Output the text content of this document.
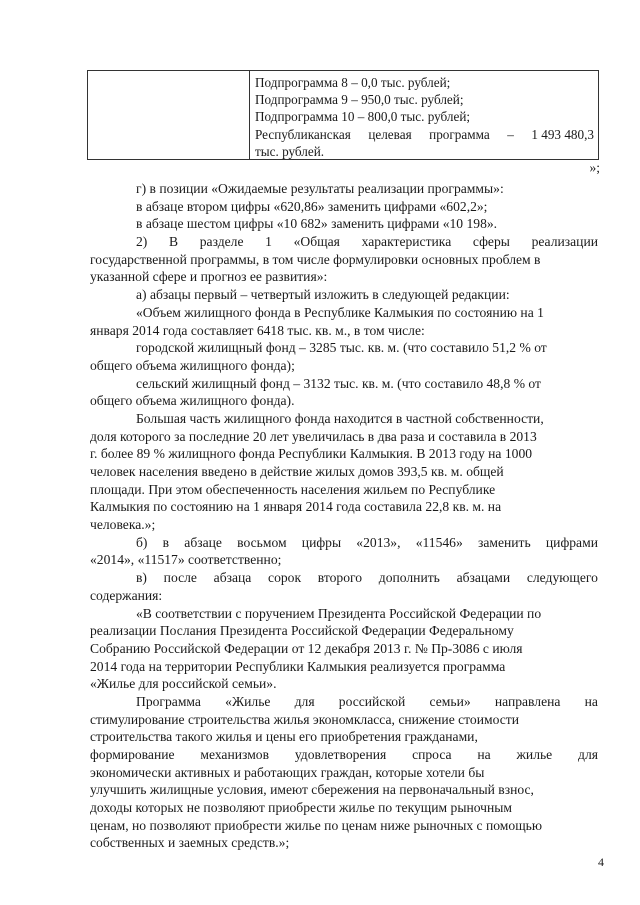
Подпрограмма 8 – 0,0 тыс. рублей;
Подпрограмма 9 – 950,0 тыс. рублей;
Подпрограмма 10 – 800,0 тыс. рублей;
Республиканская целевая программа – 1 493 480,3
тыс. рублей.
»;
г) в позиции «Ожидаемые результаты реализации программы»:
в абзаце втором цифры «620,86» заменить цифрами «602,2»;
в абзаце шестом цифры «10 682» заменить цифрами «10 198».
2) В разделе 1 «Общая характеристика сферы реализации
государственной программы, в том числе формулировки основных проблем в
указанной сфере и прогноз ее развития»:
а) абзацы первый – четвертый изложить в следующей редакции:
«Объем жилищного фонда в Республике Калмыкия по состоянию на 1
января 2014 года составляет 6418 тыс. кв. м., в том числе:
городской жилищный фонд – 3285 тыс. кв. м. (что составило 51,2 % от
общего объема жилищного фонда);
сельский жилищный фонд – 3132 тыс. кв. м. (что составило 48,8 % от
общего объема жилищного фонда).
Большая часть жилищного фонда находится в частной собственности,
доля которого за последние 20 лет увеличилась в два раза и составила в 2013
г. более 89 % жилищного фонда Республики Калмыкия. В 2013 году на 1000
человек населения введено в действие жилых домов 393,5 кв. м. общей
площади. При этом обеспеченность населения жильем по Республике
Калмыкия по состоянию на 1 января 2014 года составила 22,8 кв. м. на
человека.»;
б) в абзаце восьмом цифры «2013», «11546» заменить цифрами
«2014», «11517» соответственно;
в) после абзаца сорок второго дополнить абзацами следующего
содержания:
«В соответствии с поручением Президента Российской Федерации по
реализации Послания Президента Российской Федерации Федеральному
Собранию Российской Федерации от 12 декабря 2013 г. № Пр-3086 с июля
2014 года на территории Республики Калмыкия реализуется программа
«Жилье для российской семьи».
Программа «Жилье для российской семьи» направлена на
стимулирование строительства жилья экономкласса, снижение стоимости
строительства такого жилья и цены его приобретения гражданами,
формирование механизмов удовлетворения спроса на жилье для
экономически активных и работающих граждан, которые хотели бы
улучшить жилищные условия, имеют сбережения на первоначальный взнос,
доходы которых не позволяют приобрести жилье по текущим рыночным
ценам, но позволяют приобрести жилье по ценам ниже рыночных с помощью
собственных и заемных средств.»;
4
